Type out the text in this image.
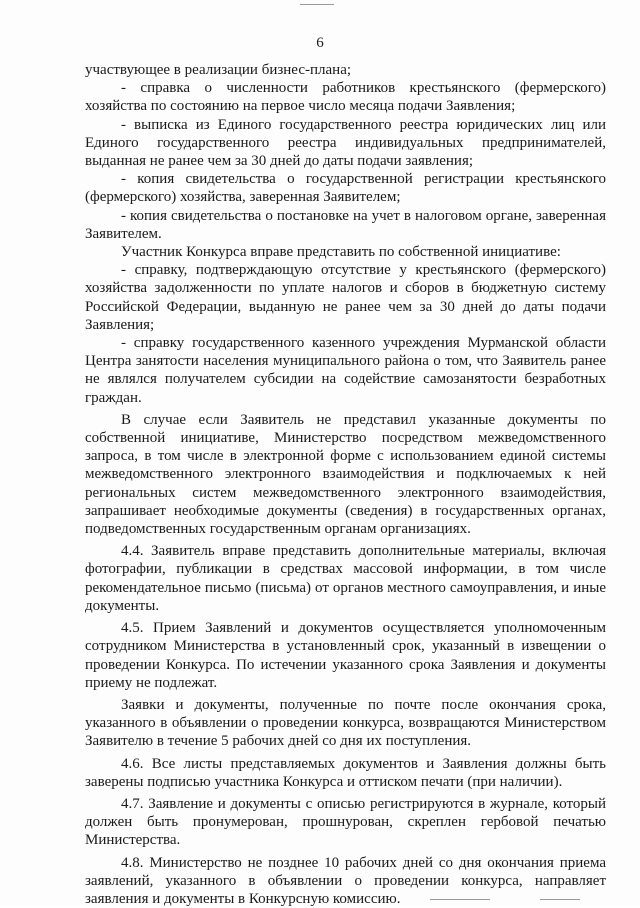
6

участвующее в реализации бизнес-плана;

- справка о численности работников крестьянского (фермерского) хозяйства по состоянию на первое число месяца подачи Заявления;

- выписка из Единого государственного реестра юридических лиц или Единого государственного реестра индивидуальных предпринимателей, выданная не ранее чем за 30 дней до даты подачи заявления;

- копия свидетельства о государственной регистрации крестьянского (фермерского) хозяйства, заверенная Заявителем;

- копия свидетельства о постановке на учет в налоговом органе, заверенная Заявителем.

Участник Конкурса вправе представить по собственной инициативе:

- справку, подтверждающую отсутствие у крестьянского (фермерского) хозяйства задолженности по уплате налогов и сборов в бюджетную систему Российской Федерации, выданную не ранее чем за 30 дней до даты подачи Заявления;

- справку государственного казенного учреждения Мурманской области Центра занятости населения муниципального района о том, что Заявитель ранее не являлся получателем субсидии на содействие самозанятости безработных граждан.

В случае если Заявитель не представил указанные документы по собственной инициативе, Министерство посредством межведомственного запроса, в том числе в электронной форме с использованием единой системы межведомственного электронного взаимодействия и подключаемых к ней региональных систем межведомственного электронного взаимодействия, запрашивает необходимые документы (сведения) в государственных органах, подведомственных государственным органам организациях.

4.4. Заявитель вправе представить дополнительные материалы, включая фотографии, публикации в средствах массовой информации, в том числе рекомендательное письмо (письма) от органов местного самоуправления, и иные документы.

4.5. Прием Заявлений и документов осуществляется уполномоченным сотрудником Министерства в установленный срок, указанный в извещении о проведении Конкурса. По истечении указанного срока Заявления и документы приему не подлежат.

Заявки и документы, полученные по почте после окончания срока, указанного в объявлении о проведении конкурса, возвращаются Министерством Заявителю в течение 5 рабочих дней со дня их поступления.

4.6. Все листы представляемых документов и Заявления должны быть заверены подписью участника Конкурса и оттиском печати (при наличии).

4.7. Заявление и документы с описью регистрируются в журнале, который должен быть пронумерован, прошнурован, скреплен гербовой печатью Министерства.

4.8. Министерство не позднее 10 рабочих дней со дня окончания приема заявлений, указанного в объявлении о проведении конкурса, направляет заявления и документы в Конкурсную комиссию.
